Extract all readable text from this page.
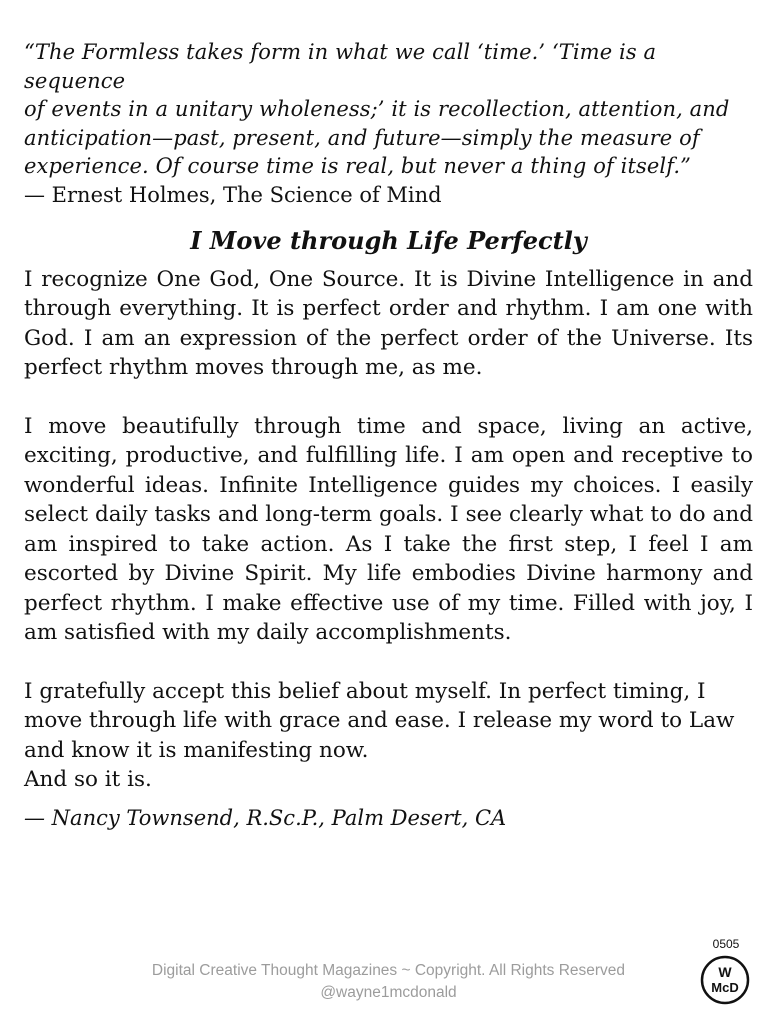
“The Formless takes form in what we call ‘time.’ ‘Time is a sequence

of events in a unitary wholeness;’ it is recollection, attention, and

anticipation—past, present, and future—simply the measure of

experience. Of course time is real, but never a thing of itself.”

— Ernest Holmes, The Science of Mind

I Move through Life Perfectly

I recognize One God, One Source. It is Divine Intelligence in and through everything. It is perfect order and rhythm. I am one with God. I am an expression of the perfect order of the Universe. Its perfect rhythm moves through me, as me.

I move beautifully through time and space, living an active, exciting, productive, and fulfilling life. I am open and receptive to wonderful ideas. Infinite Intelligence guides my choices. I easily select daily tasks and long-term goals. I see clearly what to do and am inspired to take action. As I take the first step, I feel I am escorted by Divine Spirit. My life embodies Divine harmony and perfect rhythm. I make effective use of my time. Filled with joy, I am satisfied with my daily accomplishments.

I gratefully accept this belief about myself. In perfect timing, I move through life with grace and ease. I release my word to Law and know it is manifesting now.

And so it is.

— Nancy Townsend, R.Sc.P., Palm Desert, CA

0505
W
McD
Digital Creative Thought Magazines ~ Copyright. All Rights Reserved
@wayne1mcdonald
